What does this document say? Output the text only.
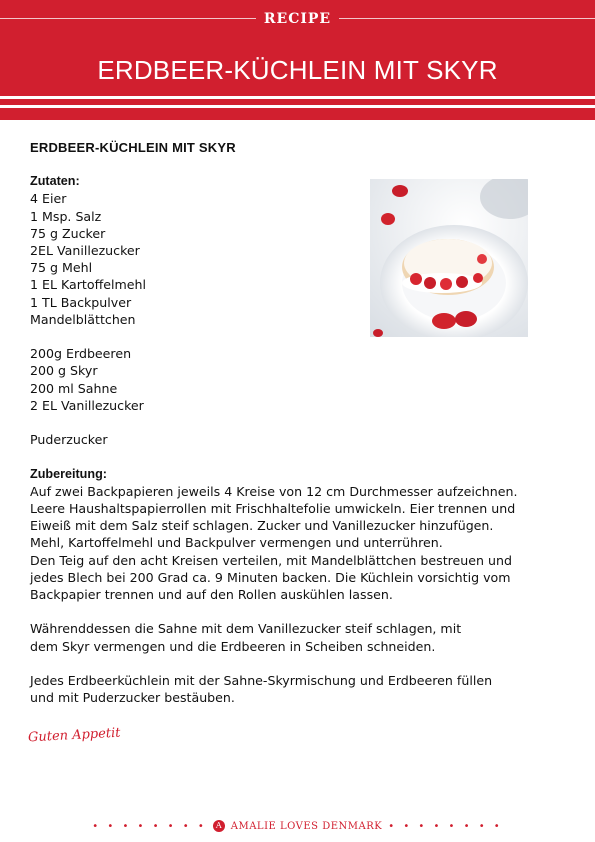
RECIPE
ERDBEER-KÜCHLEIN MIT SKYR
ERDBEER-KÜCHLEIN MIT SKYR
Zutaten:
4 Eier
1 Msp. Salz
75 g Zucker
2EL Vanillezucker
75 g Mehl
1 EL Kartoffelmehl
1 TL Backpulver
Mandelblättchen
200g Erdbeeren
200 g Skyr
200 ml Sahne
2 EL Vanillezucker
Puderzucker
Zubereitung:
Auf zwei Backpapieren jeweils 4 Kreise von 12 cm Durchmesser aufzeichnen.
Leere Haushaltspapierrollen mit Frischhaltefolie umwickeln. Eier trennen und
Eiweiß mit dem Salz steif schlagen. Zucker und Vanillezucker hinzufügen.
Mehl, Kartoffelmehl und Backpulver vermengen und unterrühren.
Den Teig auf den acht Kreisen verteilen, mit Mandelblättchen bestreuen und
jedes Blech bei 200 Grad ca. 9 Minuten backen. Die Küchlein vorsichtig vom
Backpapier trennen und auf den Rollen auskühlen lassen.
Währenddessen die Sahne mit dem Vanillezucker steif schlagen, mit
dem Skyr vermengen und die Erdbeeren in Scheiben schneiden.
Jedes Erdbeerküchlein mit der Sahne-Skyrmischung und Erdbeeren füllen
und mit Puderzucker bestäuben.
Guten Appetit
• • • • • • • •	A AMALIE LOVES DENMARK • • • • • • • •
